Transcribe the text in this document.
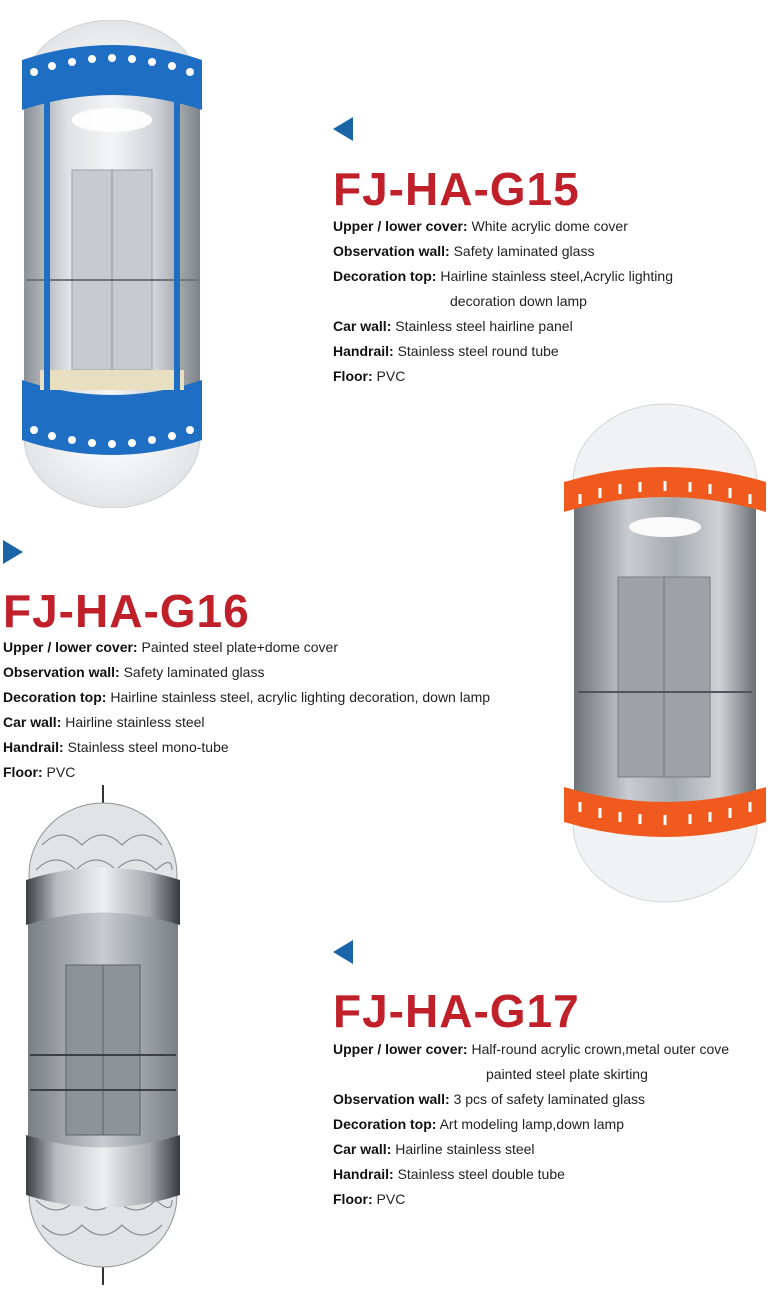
FJ-HA-G15
Upper / lower cover: White acrylic dome cover
Observation wall: Safety laminated glass
Decoration top: Hairline stainless steel,Acrylic lighting
decoration down lamp
Car wall: Stainless steel hairline panel
Handrail: Stainless steel round tube
Floor: PVC
FJ-HA-G16
Upper / lower cover: Painted steel plate+dome cover
Observation wall: Safety laminated glass
Decoration top: Hairline stainless steel, acrylic lighting decoration, down lamp
Car wall: Hairline stainless steel
Handrail: Stainless steel mono-tube
Floor: PVC
FJ-HA-G17
Upper / lower cover: Half-round acrylic crown,metal outer cove
painted steel plate skirting
Observation wall: 3 pcs of safety laminated glass
Decoration top: Art modeling lamp,down lamp
Car wall: Hairline stainless steel
Handrail: Stainless steel double tube
Floor: PVC
